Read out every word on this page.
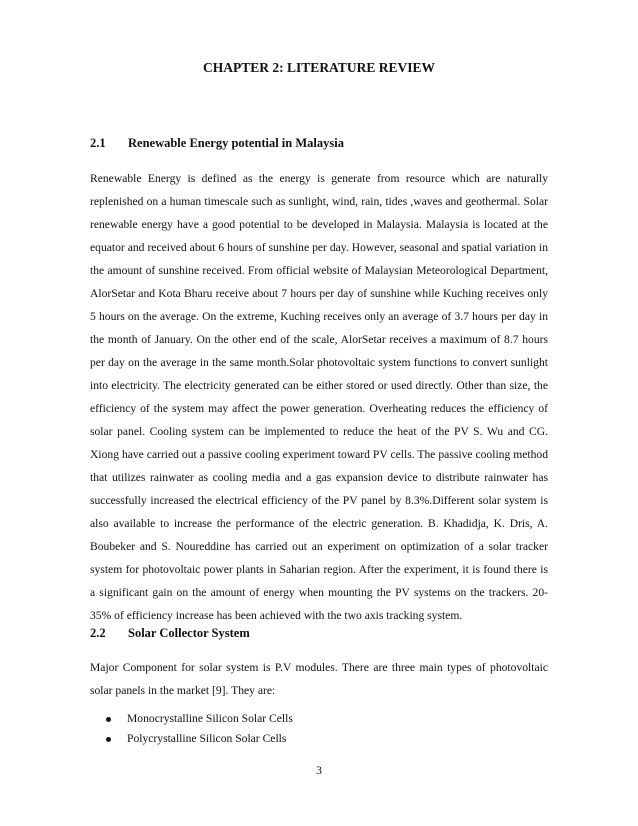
CHAPTER 2: LITERATURE REVIEW
2.1 Renewable Energy potential in Malaysia

Renewable Energy is defined as the energy is generate from resource which are naturally replenished on a human timescale such as sunlight, wind, rain, tides ,waves and geothermal. Solar renewable energy have a good potential to be developed in Malaysia. Malaysia is located at the equator and received about 6 hours of sunshine per day. However, seasonal and spatial variation in the amount of sunshine received. From official website of Malaysian Meteorological Department, AlorSetar and Kota Bharu receive about 7 hours per day of sunshine while Kuching receives only 5 hours on the average. On the extreme, Kuching receives only an average of 3.7 hours per day in the month of January. On the other end of the scale, AlorSetar receives a maximum of 8.7 hours per day on the average in the same month.Solar photovoltaic system functions to convert sunlight into electricity. The electricity generated can be either stored or used directly. Other than size, the efficiency of the system may affect the power generation. Overheating reduces the efficiency of solar panel. Cooling system can be implemented to reduce the heat of the PV S. Wu and CG. Xiong have carried out a passive cooling experiment toward PV cells. The passive cooling method that utilizes rainwater as cooling media and a gas expansion device to distribute rainwater has successfully increased the electrical efficiency of the PV panel by 8.3%.Different solar system is also available to increase the performance of the electric generation. B. Khadidja, K. Dris, A. Boubeker and S. Noureddine has carried out an experiment on optimization of a solar tracker system for photovoltaic power plants in Saharian region. After the experiment, it is found there is a significant gain on the amount of energy when mounting the PV systems on the trackers. 20-35% of efficiency increase has been achieved with the two axis tracking system.

2.2 Solar Collector System

Major Component for solar system is P.V modules. There are three main types of photovoltaic solar panels in the market [9]. They are:

Monocrystalline Silicon Solar Cells
Polycrystalline Silicon Solar Cells
3
